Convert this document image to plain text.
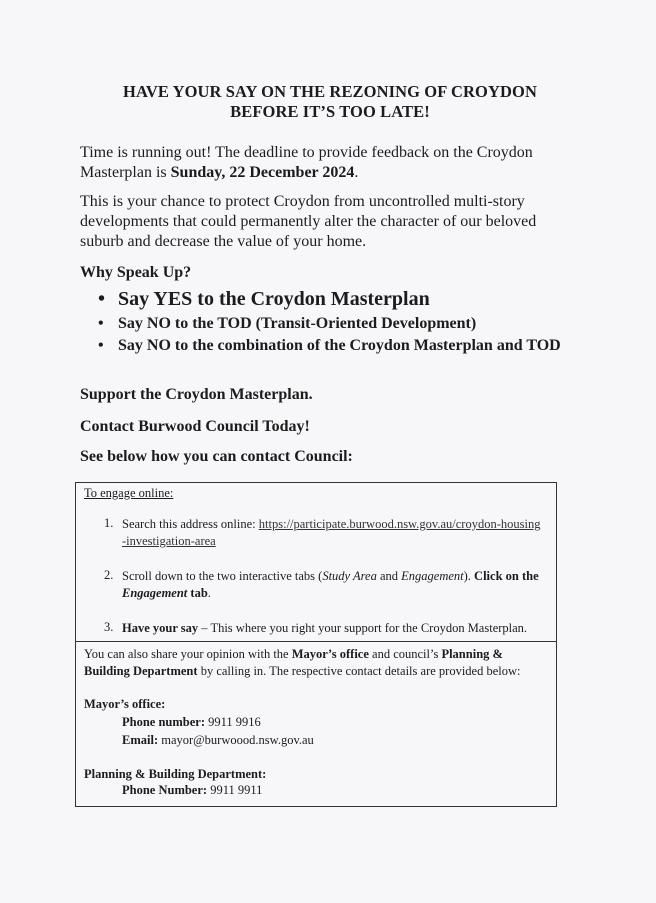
HAVE YOUR SAY ON THE REZONING OF CROYDON
BEFORE IT’S TOO LATE!
Time is running out! The deadline to provide feedback on the Croydon Masterplan is Sunday, 22 December 2024.
This is your chance to protect Croydon from uncontrolled multi-story developments that could permanently alter the character of our beloved suburb and decrease the value of your home.
Why Speak Up?
• Say YES to the Croydon Masterplan
• Say NO to the TOD (Transit-Oriented Development)
• Say NO to the combination of the Croydon Masterplan and TOD
Support the Croydon Masterplan.
Contact Burwood Council Today!
See below how you can contact Council:
To engage online:
1. Search this address online: https://participate.burwood.nsw.gov.au/croydon-housing-investigation-area
2. Scroll down to the two interactive tabs (Study Area and Engagement). Click on the Engagement tab.
3. Have your say – This where you right your support for the Croydon Masterplan.
You can also share your opinion with the Mayor’s office and council’s Planning & Building Department by calling in. The respective contact details are provided below:
Mayor’s office:
Phone number: 9911 9916
Email: mayor@burwoood.nsw.gov.au
Planning & Building Department:
Phone Number: 9911 9911
